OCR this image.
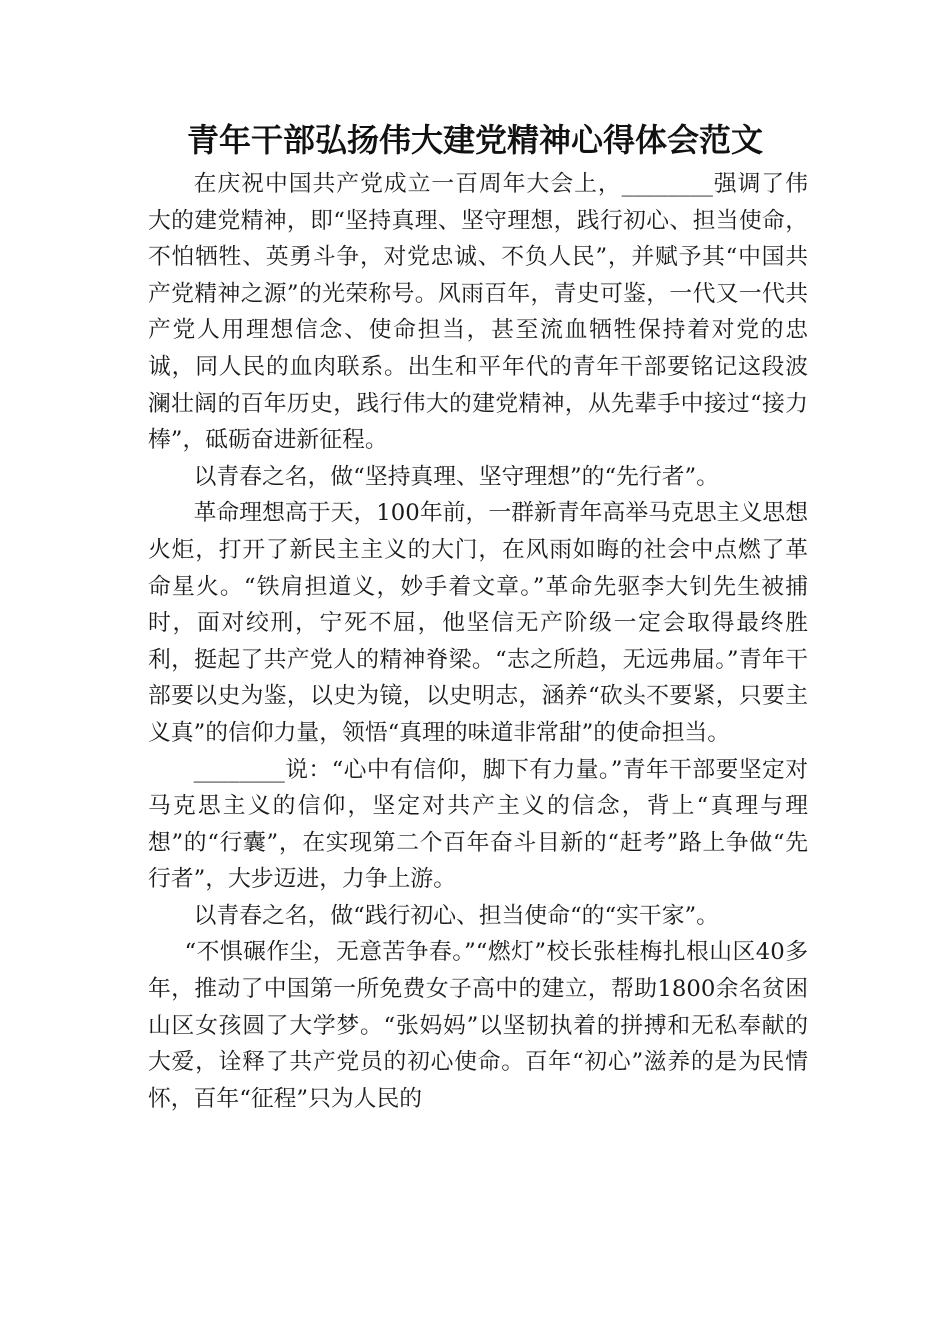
青年干部弘扬伟大建党精神心得体会范文

在庆祝中国共产党成立一百周年大会上，________强调了伟大的建党精神，即“坚持真理、坚守理想，践行初心、担当使命，不怕牺牲、英勇斗争，对党忠诚、不负人民”，并赋予其“中国共产党精神之源”的光荣称号。风雨百年，青史可鉴，一代又一代共产党人用理想信念、使命担当，甚至流血牺牲保持着对党的忠诚，同人民的血肉联系。出生和平年代的青年干部要铭记这段波澜壮阔的百年历史，践行伟大的建党精神，从先辈手中接过“接力棒”，砥砺奋进新征程。

以青春之名，做“坚持真理、坚守理想”的“先行者”。

革命理想高于天，100年前，一群新青年高举马克思主义思想火炬，打开了新民主主义的大门，在风雨如晦的社会中点燃了革命星火。“铁肩担道义，妙手着文章。”革命先驱李大钊先生被捕时，面对绞刑，宁死不屈，他坚信无产阶级一定会取得最终胜利，挺起了共产党人的精神脊梁。“志之所趋，无远弗届。”青年干部要以史为鉴，以史为镜，以史明志，涵养“砍头不要紧，只要主义真”的信仰力量，领悟“真理的味道非常甜”的使命担当。

________说：“心中有信仰，脚下有力量。”青年干部要坚定对马克思主义的信仰，坚定对共产主义的信念，背上“真理与理想”的“行囊”，在实现第二个百年奋斗目新的“赶考”路上争做“先行者”，大步迈进，力争上游。

以青春之名，做“践行初心、担当使命“的“实干家”。

“不惧碾作尘，无意苦争春。”“燃灯”校长张桂梅扎根山区40多年，推动了中国第一所免费女子高中的建立，帮助1800余名贫困山区女孩圆了大学梦。“张妈妈”以坚韧执着的拼搏和无私奉献的大爱，诠释了共产党员的初心使命。百年“初心”滋养的是为民情怀，百年“征程”只为人民的
